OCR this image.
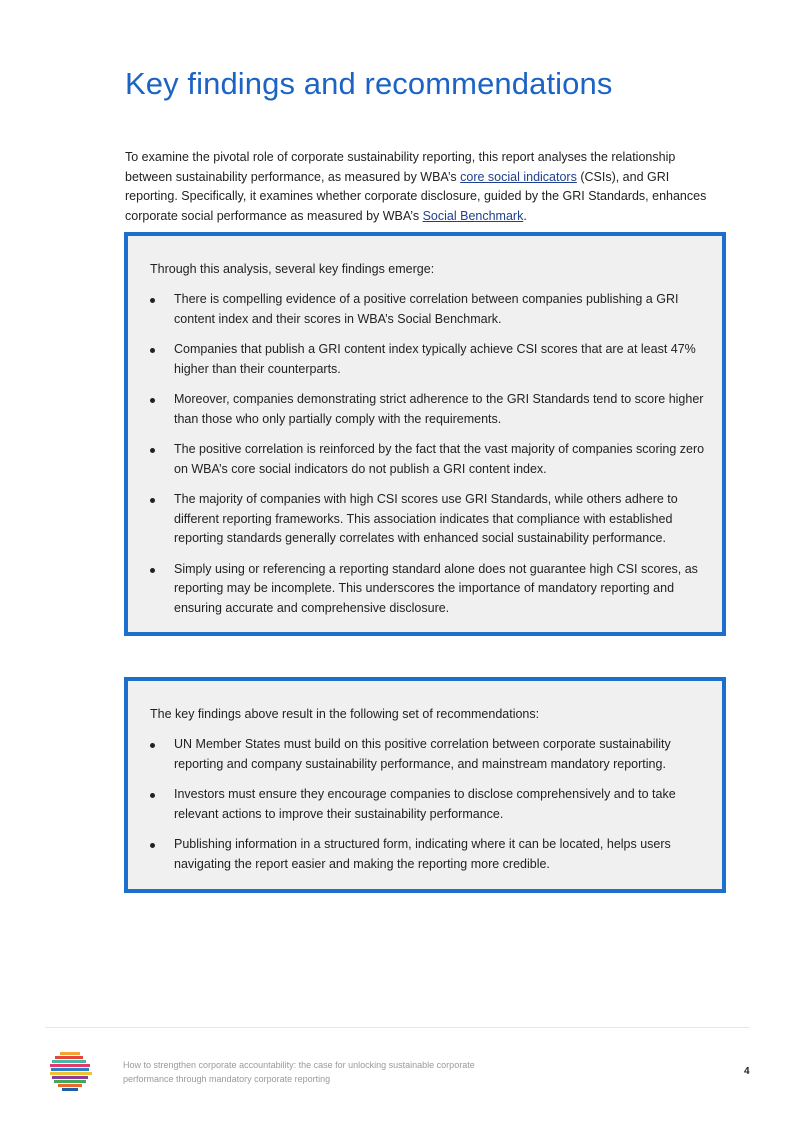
Key findings and recommendations

To examine the pivotal role of corporate sustainability reporting, this report analyses the relationship between sustainability performance, as measured by WBA’s core social indicators (CSIs), and GRI reporting. Specifically, it examines whether corporate disclosure, guided by the GRI Standards, enhances corporate social performance as measured by WBA’s Social Benchmark.

Through this analysis, several key findings emerge:

There is compelling evidence of a positive correlation between companies publishing a GRI content index and their scores in WBA’s Social Benchmark.
Companies that publish a GRI content index typically achieve CSI scores that are at least 47% higher than their counterparts.
Moreover, companies demonstrating strict adherence to the GRI Standards tend to score higher than those who only partially comply with the requirements.
The positive correlation is reinforced by the fact that the vast majority of companies scoring zero on WBA’s core social indicators do not publish a GRI content index.
The majority of companies with high CSI scores use GRI Standards, while others adhere to different reporting frameworks. This association indicates that compliance with established reporting standards generally correlates with enhanced social sustainability performance.
Simply using or referencing a reporting standard alone does not guarantee high CSI scores, as reporting may be incomplete. This underscores the importance of mandatory reporting and ensuring accurate and comprehensive disclosure.

The key findings above result in the following set of recommendations:

UN Member States must build on this positive correlation between corporate sustainability reporting and company sustainability performance, and mainstream mandatory reporting.
Investors must ensure they encourage companies to disclose comprehensively and to take relevant actions to improve their sustainability performance.
Publishing information in a structured form, indicating where it can be located, helps users navigating the report easier and making the reporting more credible.

How to strengthen corporate accountability: the case for unlocking sustainable corporate performance through mandatory corporate reporting

4
